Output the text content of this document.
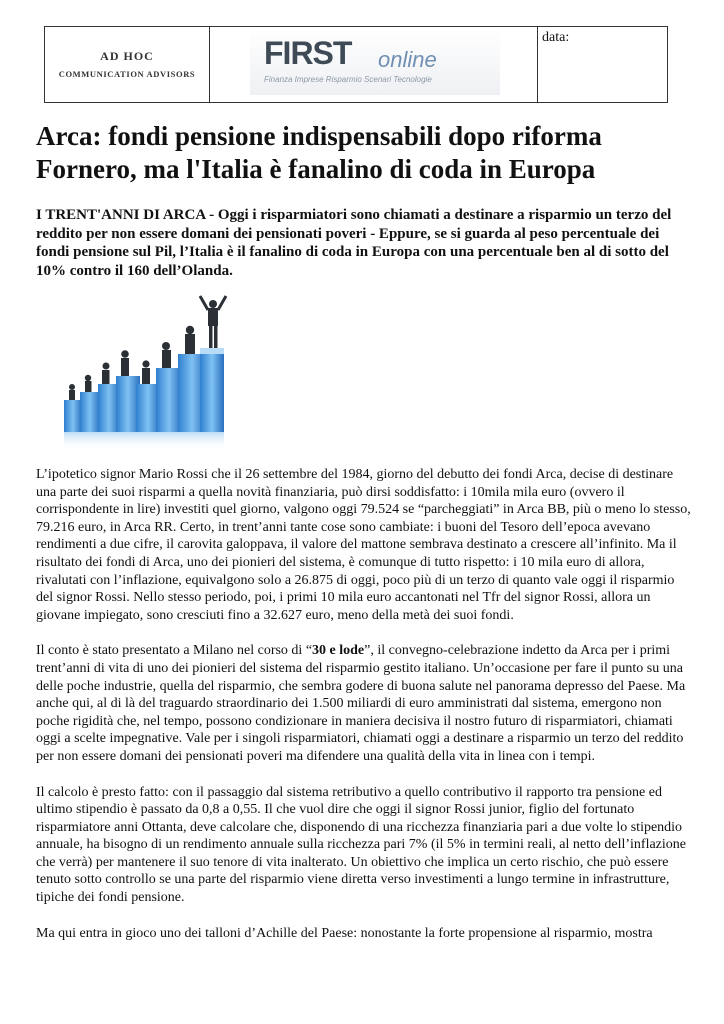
AD HOC
COMMUNICATION ADVISORS
FIRST online
Finanza Imprese Risparmio Scenari Tecnologie
data:
Arca: fondi pensione indispensabili dopo riforma Fornero, ma l'Italia è fanalino di coda in Europa

I TRENT'ANNI DI ARCA - Oggi i risparmiatori sono chiamati a destinare a risparmio un terzo del reddito per non essere domani dei pensionati poveri - Eppure, se si guarda al peso percentuale dei fondi pensione sul Pil, l’Italia è il fanalino di coda in Europa con una percentuale ben al di sotto del 10% contro il 160 dell’Olanda.

L’ipotetico signor Mario Rossi che il 26 settembre del 1984, giorno del debutto dei fondi Arca, decise di destinare una parte dei suoi risparmi a quella novità finanziaria, può dirsi soddisfatto: i 10mila mila euro (ovvero il corrispondente in lire) investiti quel giorno, valgono oggi 79.524 se “parcheggiati” in Arca BB, più o meno lo stesso, 79.216 euro, in Arca RR. Certo, in trent’anni tante cose sono cambiate: i buoni del Tesoro dell’epoca avevano rendimenti a due cifre, il carovita galoppava, il valore del mattone sembrava destinato a crescere all’infinito. Ma il risultato dei fondi di Arca, uno dei pionieri del sistema, è comunque di tutto rispetto: i 10 mila euro di allora, rivalutati con l’inflazione, equivalgono solo a 26.875 di oggi, poco più di un terzo di quanto vale oggi il risparmio del signor Rossi. Nello stesso periodo, poi, i primi 10 mila euro accantonati nel Tfr del signor Rossi, allora un giovane impiegato, sono cresciuti fino a 32.627 euro, meno della metà dei suoi fondi.

Il conto è stato presentato a Milano nel corso di “30 e lode”, il convegno-celebrazione indetto da Arca per i primi trent’anni di vita di uno dei pionieri del sistema del risparmio gestito italiano. Un’occasione per fare il punto su una delle poche industrie, quella del risparmio, che sembra godere di buona salute nel panorama depresso del Paese. Ma anche qui, al di là del traguardo straordinario dei 1.500 miliardi di euro amministrati dal sistema, emergono non poche rigidità che, nel tempo, possono condizionare in maniera decisiva il nostro futuro di risparmiatori, chiamati oggi a scelte impegnative. Vale per i singoli risparmiatori, chiamati oggi a destinare a risparmio un terzo del reddito per non essere domani dei pensionati poveri ma difendere una qualità della vita in linea con i tempi.

Il calcolo è presto fatto: con il passaggio dal sistema retributivo a quello contributivo il rapporto tra pensione ed ultimo stipendio è passato da 0,8 a 0,55. Il che vuol dire che oggi il signor Rossi junior, figlio del fortunato risparmiatore anni Ottanta, deve calcolare che, disponendo di una ricchezza finanziaria pari a due volte lo stipendio annuale, ha bisogno di un rendimento annuale sulla ricchezza pari 7% (il 5% in termini reali, al netto dell’inflazione che verrà) per mantenere il suo tenore di vita inalterato. Un obiettivo che implica un certo rischio, che può essere tenuto sotto controllo se una parte del risparmio viene diretta verso investimenti a lungo termine in infrastrutture, tipiche dei fondi pensione.

Ma qui entra in gioco uno dei talloni d’Achille del Paese: nonostante la forte propensione al risparmio, mostra
